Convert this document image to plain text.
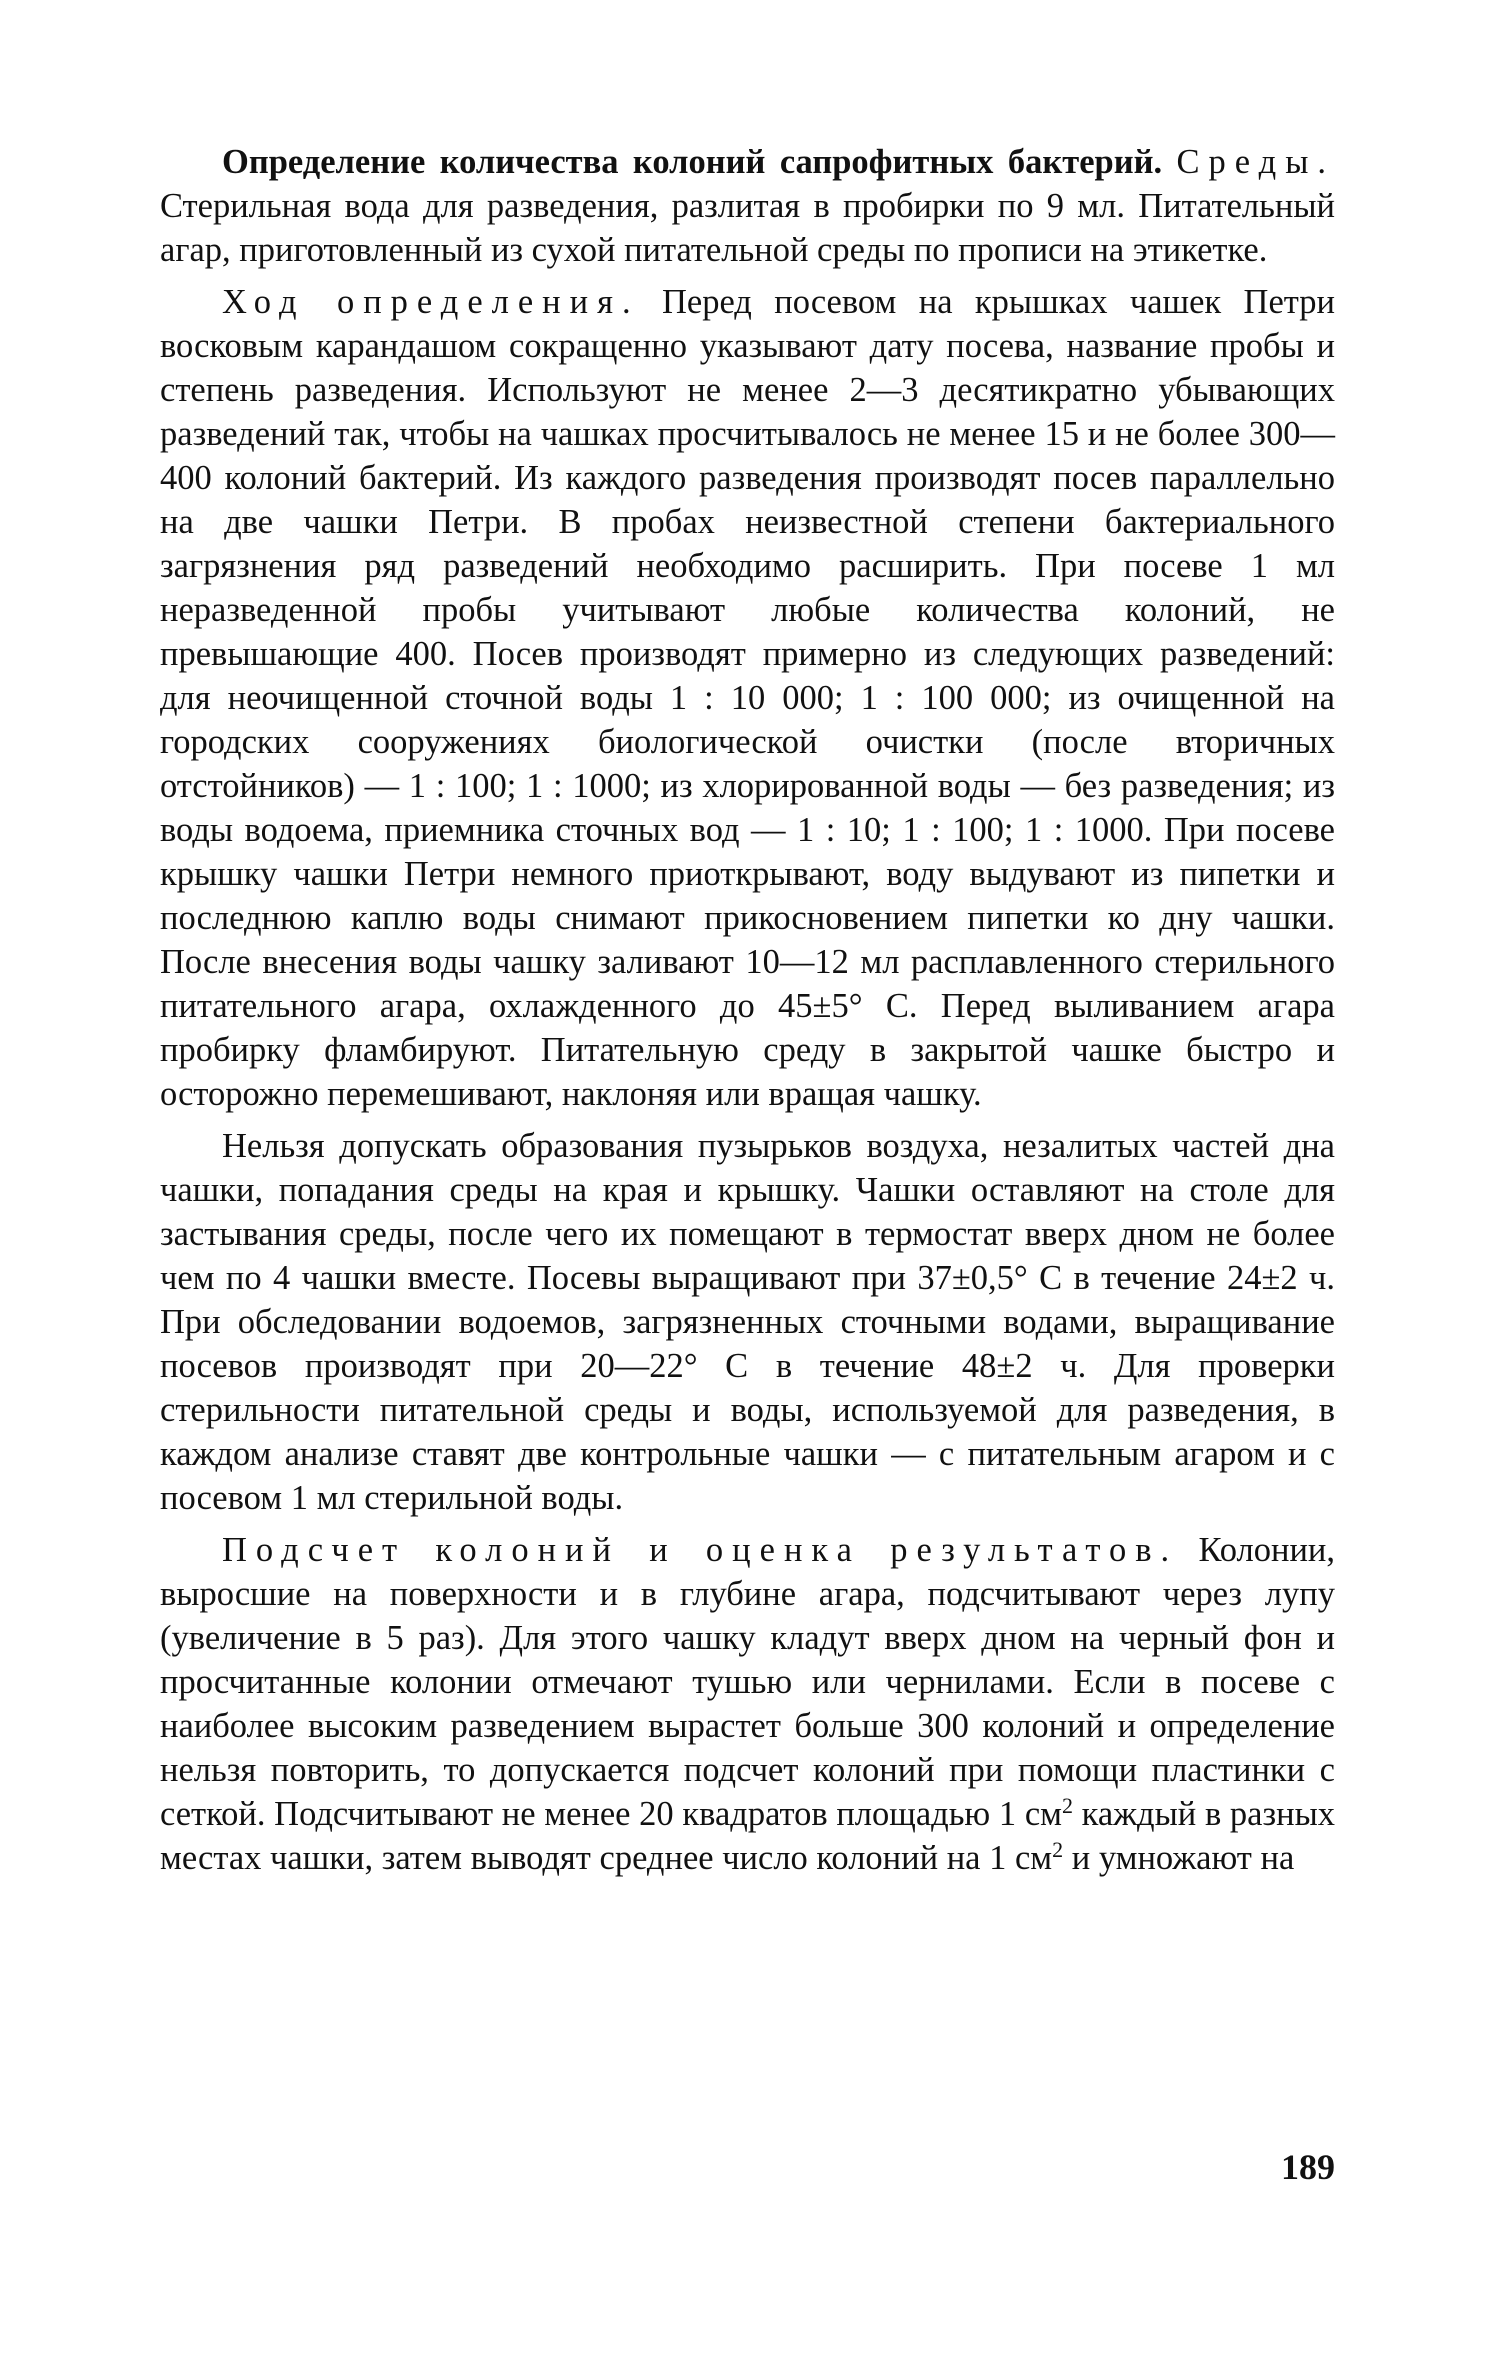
Определение количества колоний сапрофитных бактерий. Среды. Стерильная вода для разведения, разлитая в пробирки по 9 мл. Питательный агар, приготовленный из сухой питательной среды по прописи на этикетке.

Ход определения. Перед посевом на крышках чашек Петри восковым карандашом сокращенно указывают дату посева, название пробы и степень разведения. Используют не менее 2—3 десятикратно убывающих разведений так, чтобы на чашках просчитывалось не менее 15 и не более 300—400 колоний бактерий. Из каждого разведения производят посев параллельно на две чашки Петри. В пробах неизвестной степени бактериального загрязнения ряд разведений необходимо расширить. При посеве 1 мл неразведенной пробы учитывают любые количества колоний, не превышающие 400. Посев производят примерно из следующих разведений: для неочищенной сточной воды 1 : 10 000; 1 : 100 000; из очищенной на городских сооружениях биологической очистки (после вторичных отстойников) — 1 : 100; 1 : 1000; из хлорированной воды — без разведения; из воды водоема, приемника сточных вод — 1 : 10; 1 : 100; 1 : 1000. При посеве крышку чашки Петри немного приоткрывают, воду выдувают из пипетки и последнюю каплю воды снимают прикосновением пипетки ко дну чашки. После внесения воды чашку заливают 10—12 мл расплавленного стерильного питательного агара, охлажденного до 45±5° С. Перед выливанием агара пробирку фламбируют. Питательную среду в закрытой чашке быстро и осторожно перемешивают, наклоняя или вращая чашку.

Нельзя допускать образования пузырьков воздуха, незалитых частей дна чашки, попадания среды на края и крышку. Чашки оставляют на столе для застывания среды, после чего их помещают в термостат вверх дном не более чем по 4 чашки вместе. Посевы выращивают при 37±0,5° С в течение 24±2 ч. При обследовании водоемов, загрязненных сточными водами, выращивание посевов производят при 20—22° С в течение 48±2 ч. Для проверки стерильности питательной среды и воды, используемой для разведения, в каждом анализе ставят две контрольные чашки — с питательным агаром и с посевом 1 мл стерильной воды.

Подсчет колоний и оценка результатов. Колонии, выросшие на поверхности и в глубине агара, подсчитывают через лупу (увеличение в 5 раз). Для этого чашку кладут вверх дном на черный фон и просчитанные колонии отмечают тушью или чернилами. Если в посеве с наиболее высоким разведением вырастет больше 300 колоний и определение нельзя повторить, то допускается подсчет колоний при помощи пластинки с сеткой. Подсчитывают не менее 20 квадратов площадью 1 $см^2$ каждый в разных местах чашки, затем выводят среднее число колоний на 1 $см^2$ и умножают на

189
